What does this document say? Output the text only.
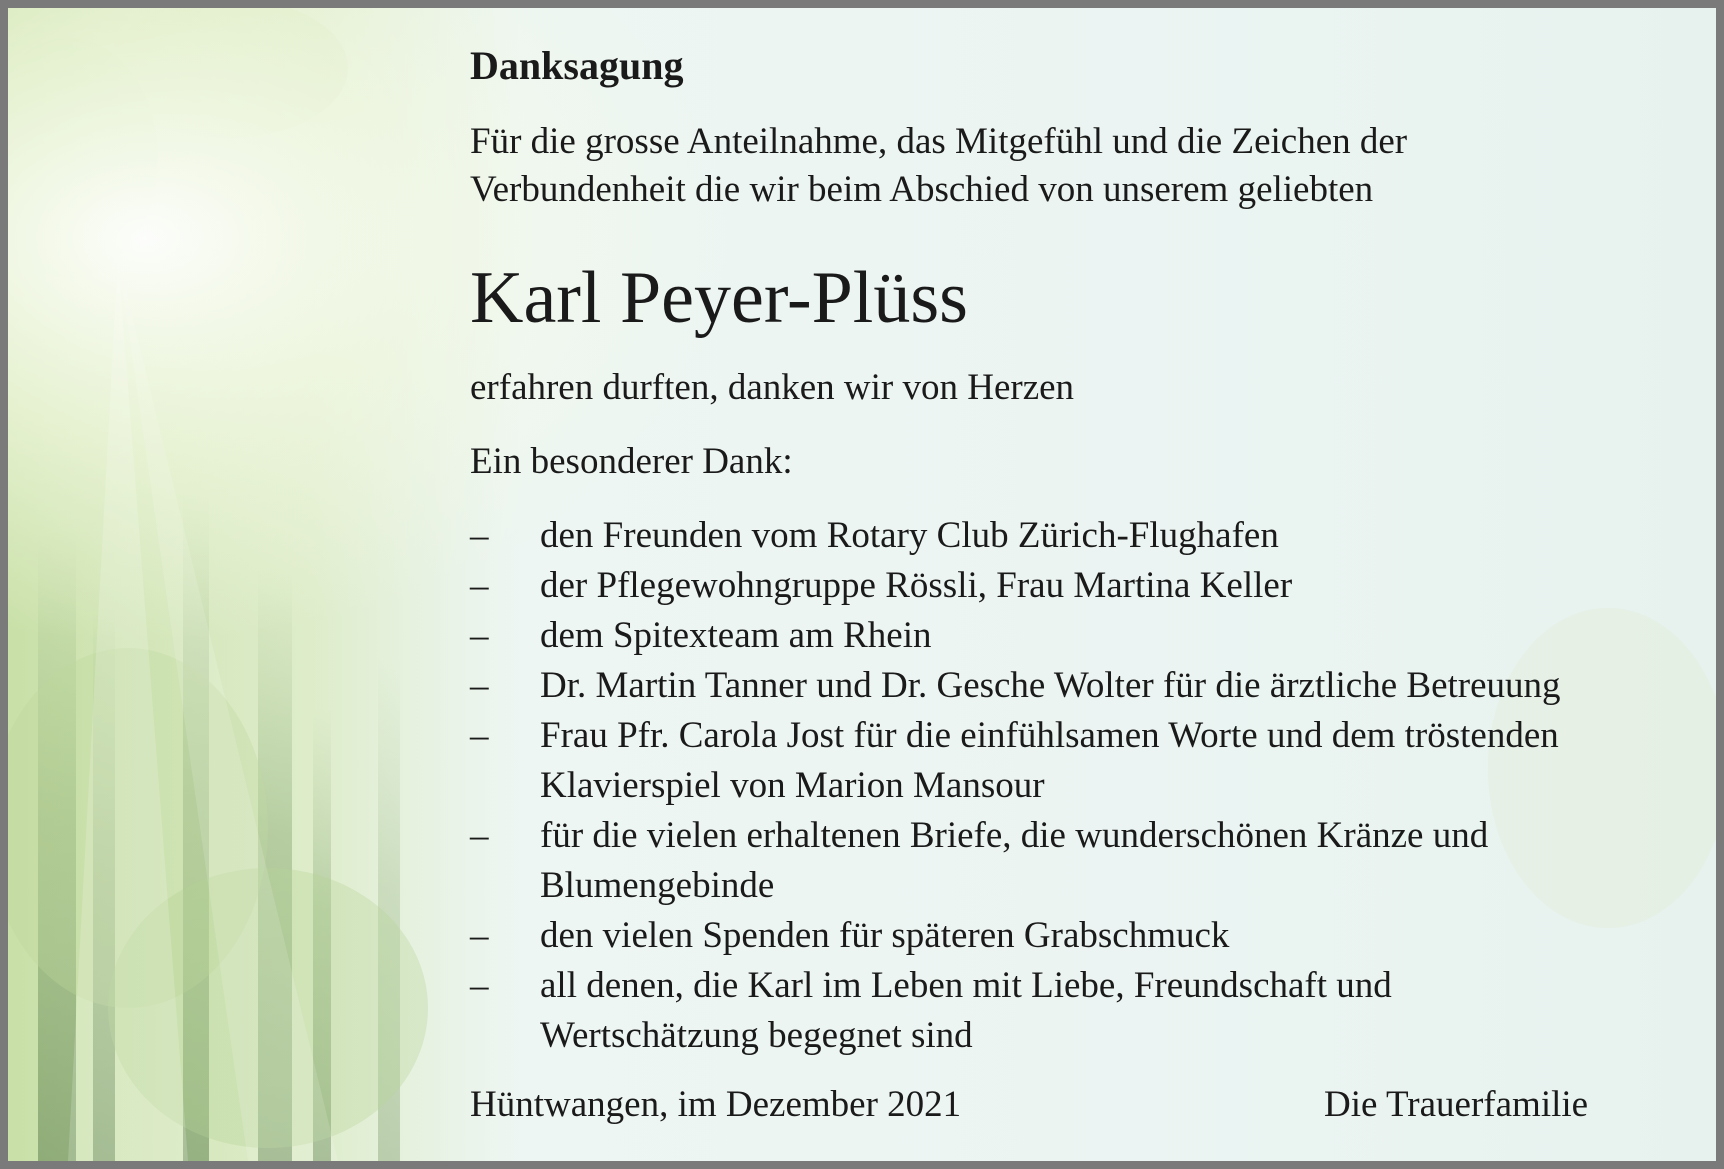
Danksagung
Für die grosse Anteilnahme, das Mitgefühl und die Zeichen der
Verbundenheit die wir beim Abschied von unserem geliebten
Karl Peyer-Plüss
erfahren durften, danken wir von Herzen
Ein besonderer Dank:
– den Freunden vom Rotary Club Zürich-Flughafen
– der Pflegewohngruppe Rössli, Frau Martina Keller
– dem Spitexteam am Rhein
– Dr. Martin Tanner und Dr. Gesche Wolter für die ärztliche Betreuung
– Frau Pfr. Carola Jost für die einfühlsamen Worte und dem tröstenden
Klavierspiel von Marion Mansour
– für die vielen erhaltenen Briefe, die wunderschönen Kränze und
Blumengebinde
– den vielen Spenden für späteren Grabschmuck
– all denen, die Karl im Leben mit Liebe, Freundschaft und
Wertschätzung begegnet sind
Hüntwangen, im Dezember 2021	Die Trauerfamilie
